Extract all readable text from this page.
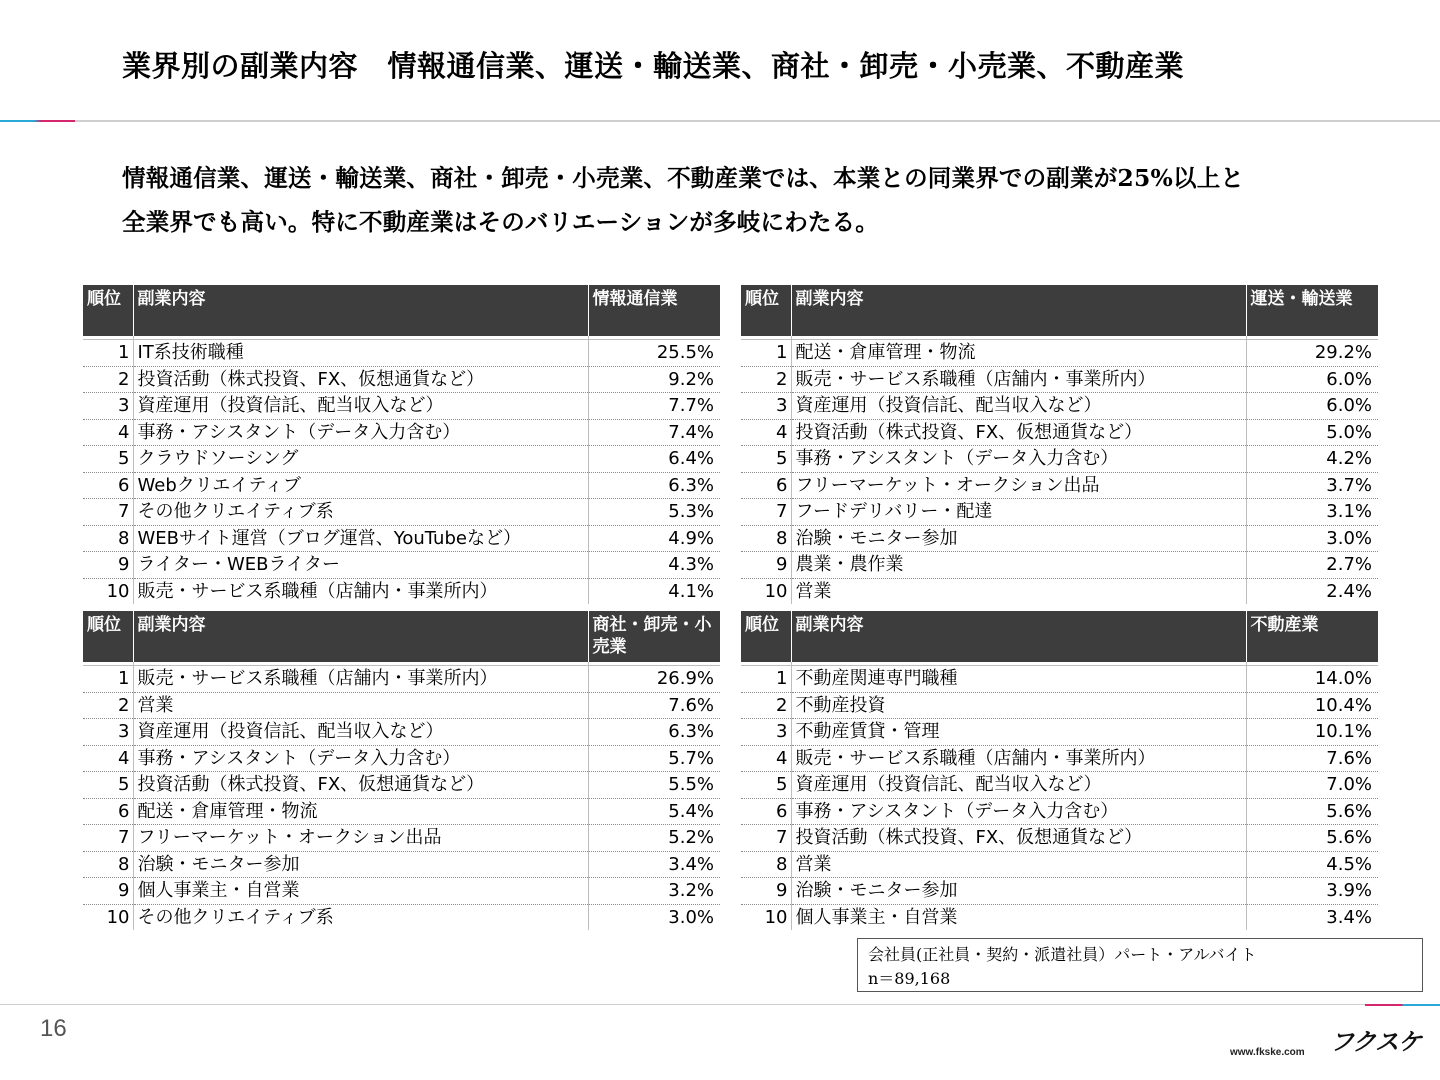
業界別の副業内容　情報通信業、運送・輸送業、商社・卸売・小売業、不動産業
情報通信業、運送・輸送業、商社・卸売・小売業、不動産業では、本業との同業界での副業が25%以上と
全業界でも高い。特に不動産業はそのバリエーションが多岐にわたる。
順位	副業内容	情報通信業

1	IT系技術職種	25.5%
2	投資活動（株式投資、FX、仮想通貨など）	9.2%
3	資産運用（投資信託、配当収入など）	7.7%
4	事務・アシスタント（データ入力含む）	7.4%
5	クラウドソーシング	6.4%
6	Webクリエイティブ	6.3%
7	その他クリエイティブ系	5.3%
8	WEBサイト運営（ブログ運営、YouTubeなど）	4.9%
9	ライター・WEBライター	4.3%
10	販売・サービス系職種（店舗内・事業所内）	4.1%
順位	副業内容	運送・輸送業

1	配送・倉庫管理・物流	29.2%
2	販売・サービス系職種（店舗内・事業所内）	6.0%
3	資産運用（投資信託、配当収入など）	6.0%
4	投資活動（株式投資、FX、仮想通貨など）	5.0%
5	事務・アシスタント（データ入力含む）	4.2%
6	フリーマーケット・オークション出品	3.7%
7	フードデリバリー・配達	3.1%
8	治験・モニター参加	3.0%
9	農業・農作業	2.7%
10	営業	2.4%
順位	副業内容	商社・卸売・小売業

1	販売・サービス系職種（店舗内・事業所内）	26.9%
2	営業	7.6%
3	資産運用（投資信託、配当収入など）	6.3%
4	事務・アシスタント（データ入力含む）	5.7%
5	投資活動（株式投資、FX、仮想通貨など）	5.5%
6	配送・倉庫管理・物流	5.4%
7	フリーマーケット・オークション出品	5.2%
8	治験・モニター参加	3.4%
9	個人事業主・自営業	3.2%
10	その他クリエイティブ系	3.0%
順位	副業内容	不動産業

1	不動産関連専門職種	14.0%
2	不動産投資	10.4%
3	不動産賃貸・管理	10.1%
4	販売・サービス系職種（店舗内・事業所内）	7.6%
5	資産運用（投資信託、配当収入など）	7.0%
6	事務・アシスタント（データ入力含む）	5.6%
7	投資活動（株式投資、FX、仮想通貨など）	5.6%
8	営業	4.5%
9	治験・モニター参加	3.9%
10	個人事業主・自営業	3.4%
会社員(正社員・契約・派遣社員）パート・アルバイト
n＝89,168
16	フクスケ
www.fkske.com
